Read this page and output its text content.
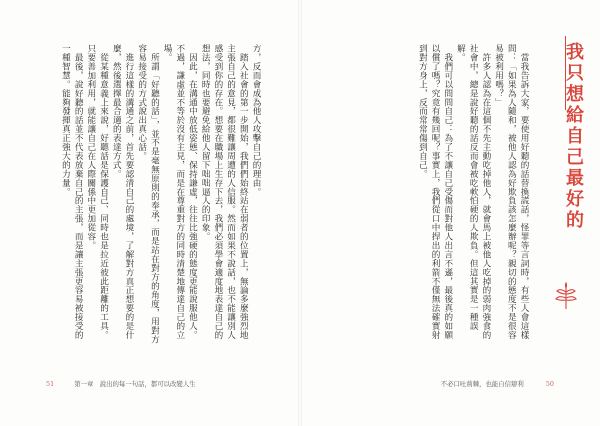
方，反而會成為他人攻擊自己的理由。
　踏入社會的第一步開始，我們們始終站在弱者的位置上，無論多麼強烈地主張自己的意見，都很難讓周遭的人信服。然而如果不說話，也不能讓別人感受到你的存在。想要在職場上生存下去，我們必須學會適度地表達自己的想法，同時也要避免給他人留下咄咄逼人的印象。
　因此，在溝通中放低姿態、保持謙虛，往往比強硬的態度更能說服他人。不過，謙虛並不等於沒有主見，而是在尊重對方的同時清楚地傳達自己的立場。
　所謂「好聽的話」，並不是毫無原則的奉承，而是站在對方的角度，用對方容易接受的方式說出真心話。
　進行這樣的溝通之前，首先要認清自己的處境，了解對方真正想要的是什麼，然後選擇最合適的表達方式。
　從某種意義上來說，好聽話是保護自己、同時也是拉近彼此距離的工具。只要善加利用，就能讓自己在人際關係中更加從容。
　最後，說好聽的話並不代表放棄自己的主張，而是讓主張更容易被接受的一種智慧。能夠發揮真正強大的力量。
51	第一章　說出的每一句話，都可以改變人生
我只想給自己最好的
　當我告訴大家，要使用好聽的話替換謊話，怪罪等言詞時，有些人會這樣問：「如果為人隨和，被他人認為好欺負該怎麼辦呢？親切的態度不是很容易被利用嗎？」
　許多人認為在這個不先主動吃掉他人，就會馬上被他人吃掉的弱肉強食的社會中，總是說好聽的話反而會被吃軟怕硬的人欺負。但這其實是一種誤解。
　我們可以問問自己：為了不讓自己受傷而對他人出言不遜，最後真的如願以償了嗎？究竟有幾回呢？事實上，我們從口中捍出的利箭不僅無法確實射到對方身上，反而常常傷到自己。
不必口吐荊棘，也能自信辯利	50
